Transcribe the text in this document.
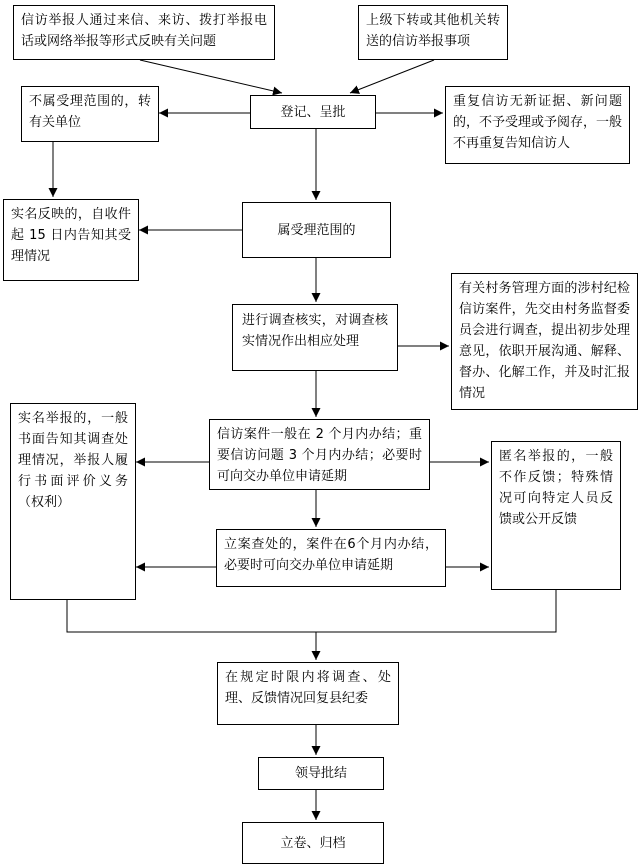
信访举报人通过来信、来访、拨打举报电话或网络举报等形式反映有关问题
上级下转或其他机关转送的信访举报事项
登记、呈批
不属受理范围的，转有关单位
重复信访无新证据、新问题的，不予受理或予阅存，一般不再重复告知信访人
属受理范围的
实名反映的，自收件起 15 日内告知其受理情况
进行调查核实，对调查核实情况作出相应处理
有关村务管理方面的涉村纪检信访案件，先交由村务监督委员会进行调查，提出初步处理意见，依职开展沟通、解释、督办、化解工作，并及时汇报情况
信访案件一般在 2 个月内办结；重要信访问题 3 个月内办结；必要时可向交办单位申请延期
实名举报的，一般书面告知其调查处理情况，举报人履行书面评价义务（权利）
匿名举报的，一般不作反馈；特殊情况可向特定人员反馈或公开反馈
立案查处的，案件在6个月内办结，必要时可向交办单位申请延期
在规定时限内将调查、处理、反馈情况回复县纪委
领导批结
立卷、归档
